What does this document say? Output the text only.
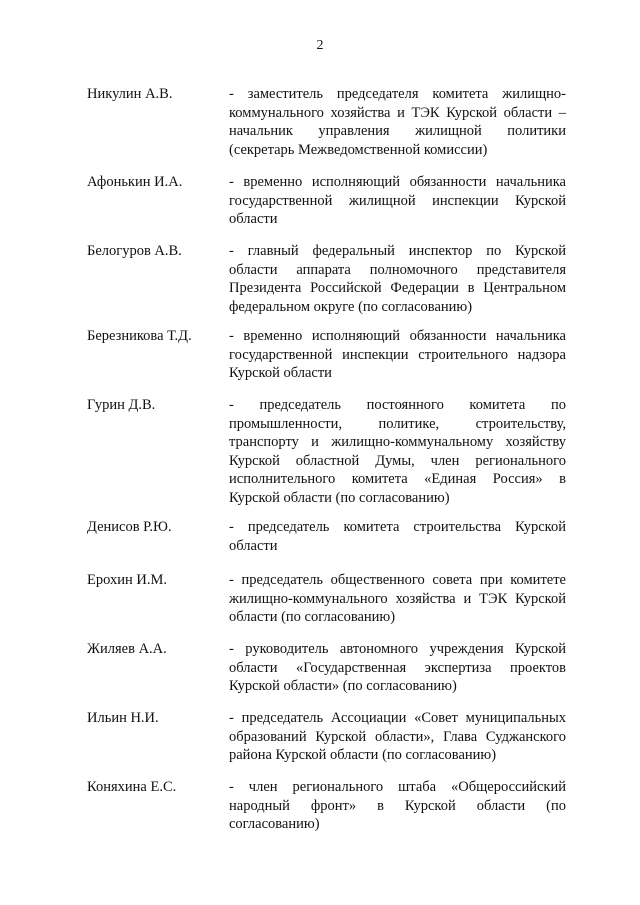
2
Никулин А.В.	- заместитель председателя комитета жилищно-коммунального хозяйства и ТЭК Курской области – начальник управления жилищной политики (секретарь Межведомственной комиссии)
Афонькин И.А.	- временно исполняющий обязанности начальника государственной жилищной инспекции Курской области
Белогуров А.В.	- главный федеральный инспектор по Курской области аппарата полномочного представителя Президента Российской Федерации в Центральном федеральном округе (по согласованию)
Березникова Т.Д.	- временно исполняющий обязанности начальника государственной инспекции строительного надзора Курской области
Гурин Д.В.	- председатель постоянного комитета по промышленности, политике, строительству, транспорту и жилищно-коммунальному хозяйству Курской областной Думы, член регионального исполнительного комитета «Единая Россия» в Курской области (по согласованию)
Денисов Р.Ю.	- председатель комитета строительства Курской области
Ерохин И.М.	- председатель общественного совета при комитете жилищно-коммунального хозяйства и ТЭК Курской области (по согласованию)
Жиляев А.А.	- руководитель автономного учреждения Курской области «Государственная экспертиза проектов Курской области» (по согласованию)
Ильин Н.И.	- председатель Ассоциации «Совет муниципальных образований Курской области», Глава Суджанского района Курской области (по согласованию)
Коняхина Е.С.	- член регионального штаба «Общероссийский народный фронт» в Курской области (по согласованию)
